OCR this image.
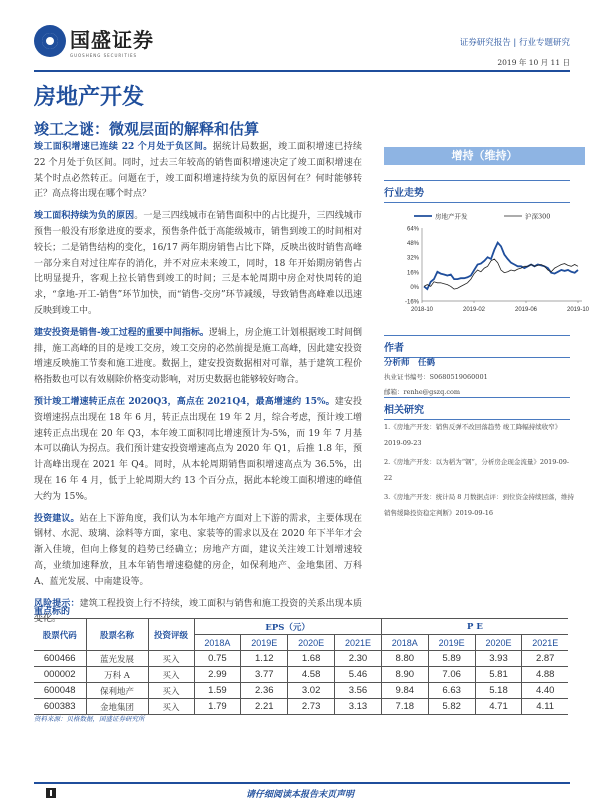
国盛证券
GUOSHENG SECURITIES
证券研究报告 | 行业专题研究
2019 年 10 月 11 日
房地产开发
竣工之谜：微观层面的解释和估算

竣工面积增速已连续 22 个月处于负区间。据统计局数据，竣工面积增速已持续 22 个月处于负区间。同时，过去三年较高的销售面积增速决定了竣工面积增速在某个时点必然转正。问题在于，竣工面积增速持续为负的原因何在？何时能够转正？高点将出现在哪个时点？

竣工面积持续为负的原因。一是三四线城市在销售面积中的占比提升，三四线城市预售一般没有形象进度的要求，预售条件低于高能级城市，销售到竣工的时间相对较长；二是销售结构的变化，16/17 两年期房销售占比下降，反映出彼时销售高峰一部分来自对过往库存的消化，并不对应未来竣工，同时，18 年开始期房销售占比明显提升，客观上拉长销售到竣工的时间；三是本轮周期中房企对快周转的追求，“拿地-开工-销售”环节加快，而“销售-交房”环节减缓，导致销售高峰难以迅速反映到竣工中。

建安投资是销售-竣工过程的重要中间指标。逻辑上，房企施工计划根据竣工时间倒排，施工高峰的目的是竣工交房，竣工交房的必然前提是施工高峰，因此建安投资增速反映施工节奏和施工进度。数据上，建安投资数据相对可靠，基于建筑工程价格指数也可以有效剔除价格变动影响，对历史数据也能够较好吻合。

预计竣工增速转正点在 2020Q3，高点在 2021Q4，最高增速约 15%。建安投资增速拐点出现在 18 年 6 月，转正点出现在 19 年 2 月，综合考虑，预计竣工增速转正点出现在 20 年 Q3，本年竣工面积同比增速预计为-5%，而 19 年 7 月基本可以确认为拐点。我们预计建安投资增速高点为 2020 年 Q1，后推 1.8 年，预计高峰出现在 2021 年 Q4。同时，从本轮周期销售面积增速高点为 36.5%，出现在 16 年 4 月，低于上轮周期大约 13 个百分点，据此本轮竣工面积增速的峰值大约为 15%。

投资建议。站在上下游角度，我们认为本年地产方面对上下游的需求，主要体现在钢材、水泥、玻璃、涂料等方面，家电、家装等的需求以及在 2020 年下半年才会渐入佳境，但向上修复的趋势已经确立；房地产方面，建议关注竣工计划增速较高，业绩加速释放，且本年销售增速稳健的房企，如保利地产、金地集团、万科 A、蓝光发展、中南建设等。

风险提示：建筑工程投资上行不持续，竣工面积与销售和施工投资的关系出现本质变化。

增持（维持）
行业走势
64%
48%
32%
16%
0%
-16%
2018-10	2019-02	2019-06	2019-10
房地产开发	沪深300
作者
分析师　任鹤
执业证书编号：S0680519060001
邮箱：renhe@gszq.com
相关研究
1.《房地产开发：销售反弹不改回落趋势 竣工降幅持续收窄》2019-09-23
2.《房地产开发：以为稻为“钢”，分析房企现金流量》2019-09-22
3.《房地产开发：统计局 8 月数据点评：到位资金持续回落，维持销售缓降投资稳定判断》2019-09-16
重点标的
股票代码	股票名称	投资评级	EPS（元）				P E			
			2018A	2019E	2020E	2021E	2018A	2019E	2020E	2021E
600466	蓝光发展	买入	0.75	1.12	1.68	2.30	8.80	5.89	3.93	2.87
000002	万科 A	买入	2.99	3.77	4.58	5.46	8.90	7.06	5.81	4.88
600048	保利地产	买入	1.59	2.36	3.02	3.56	9.84	6.63	5.18	4.40
600383	金地集团	买入	1.79	2.21	2.73	3.13	7.18	5.82	4.71	4.11
资料来源：贝格数据，国盛证券研究所
请仔细阅读本报告末页声明
